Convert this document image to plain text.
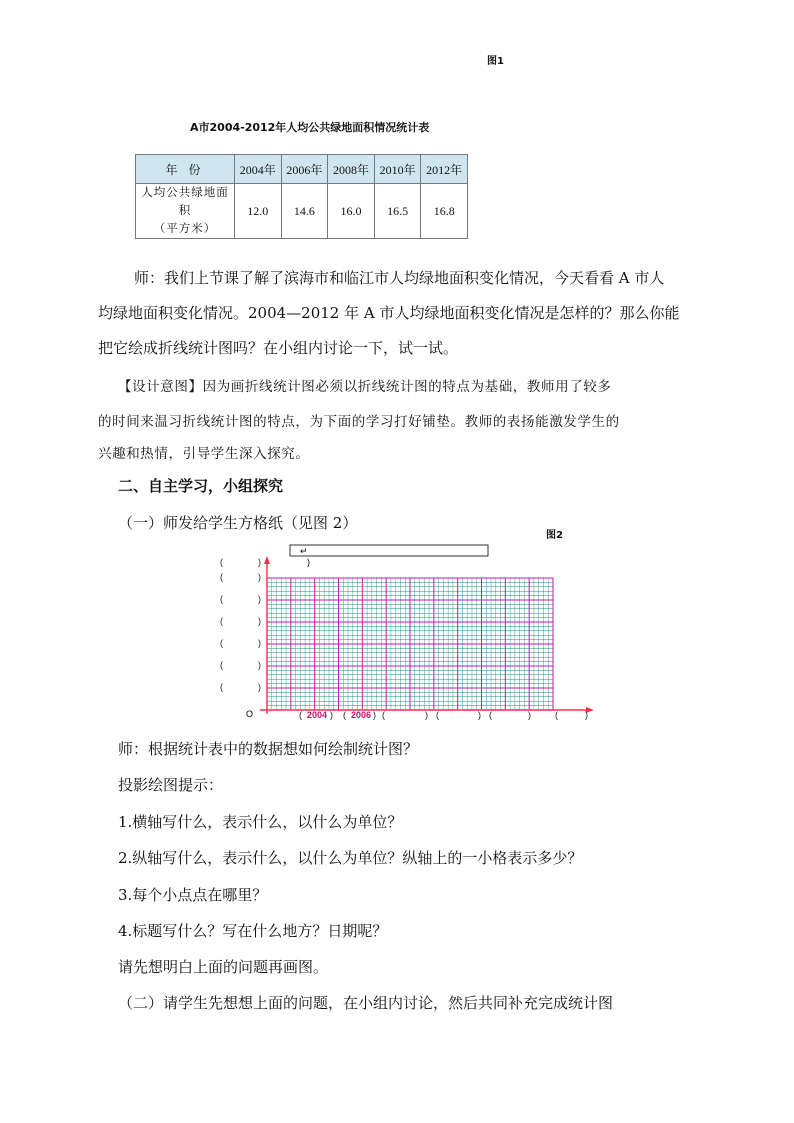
图1
A市2004-2012年人均公共绿地面积情况统计表
年 份	2004年	2006年	2008年	2010年	2012年

人均公共绿地面积
（平方米）	12.0	14.6	16.0	16.5	16.8
师：我们上节课了解了滨海市和临江市人均绿地面积变化情况，今天看看 A 市人
均绿地面积变化情况。2004—2012 年 A 市人均绿地面积变化情况是怎样的？那么你能
把它绘成折线统计图吗？在小组内讨论一下，试一试。
【设计意图】因为画折线统计图必须以折线统计图的特点为基础，教师用了较多
的时间来温习折线统计图的特点，为下面的学习打好铺垫。教师的表扬能激发学生的
兴趣和热情，引导学生深入探究。
二、自主学习，小组探究
（一）师发给学生方格纸（见图 2）
图2
↵
)
(	)
(	)
(	)
(	)
(	)
(	)
(	)
O	( 2004 ) ( 2006 ) (	) (	) (	)	(	)
师：根据统计表中的数据想如何绘制统计图？
投影绘图提示：
1.横轴写什么，表示什么，以什么为单位？
2.纵轴写什么，表示什么，以什么为单位？纵轴上的一小格表示多少？
3.每个小点点在哪里？
4.标题写什么？写在什么地方？日期呢？
请先想明白上面的问题再画图。
（二）请学生先想想上面的问题，在小组内讨论，然后共同补充完成统计图
